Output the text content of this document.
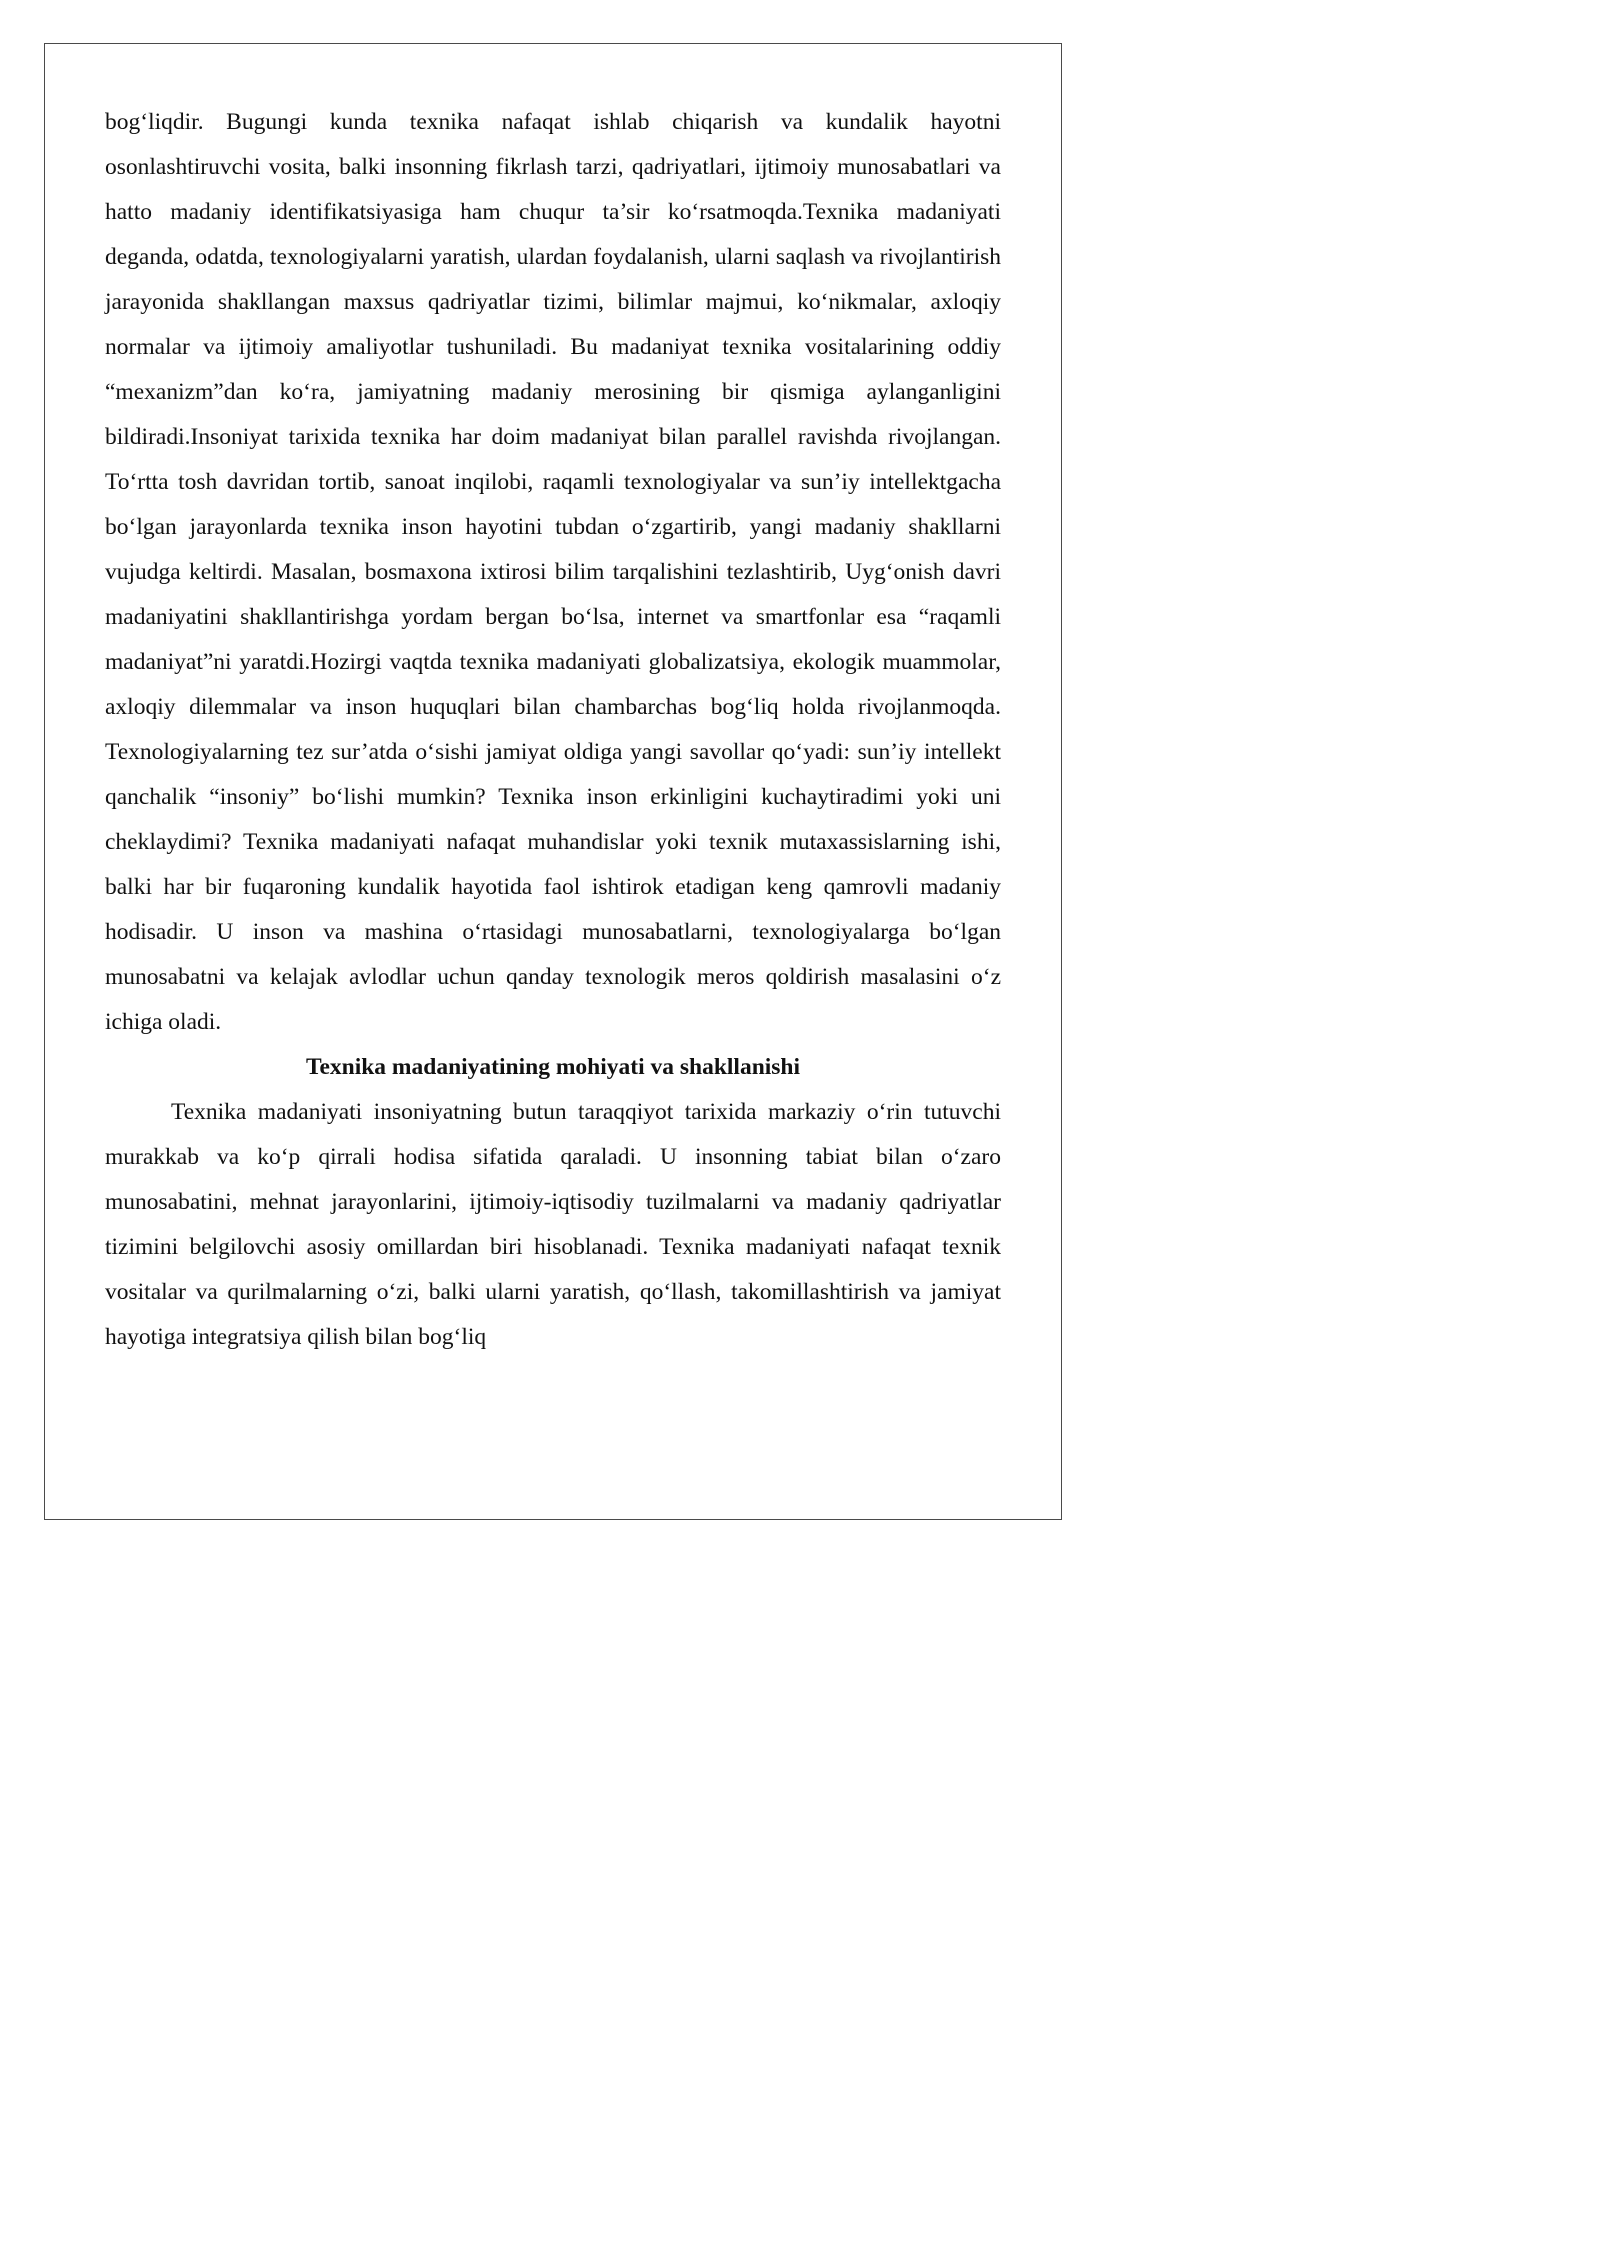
bog‘liqdir. Bugungi kunda texnika nafaqat ishlab chiqarish va kundalik hayotni osonlashtiruvchi vosita, balki insonning fikrlash tarzi, qadriyatlari, ijtimoiy munosabatlari va hatto madaniy identifikatsiyasiga ham chuqur ta’sir ko‘rsatmoqda.Texnika madaniyati deganda, odatda, texnologiyalarni yaratish, ulardan foydalanish, ularni saqlash va rivojlantirish jarayonida shakllangan maxsus qadriyatlar tizimi, bilimlar majmui, ko‘nikmalar, axloqiy normalar va ijtimoiy amaliyotlar tushuniladi. Bu madaniyat texnika vositalarining oddiy “mexanizm”dan ko‘ra, jamiyatning madaniy merosining bir qismiga aylanganligini bildiradi.Insoniyat tarixida texnika har doim madaniyat bilan parallel ravishda rivojlangan. To‘rtta tosh davridan tortib, sanoat inqilobi, raqamli texnologiyalar va sun’iy intellektgacha bo‘lgan jarayonlarda texnika inson hayotini tubdan o‘zgartirib, yangi madaniy shakllarni vujudga keltirdi. Masalan, bosmaxona ixtirosi bilim tarqalishini tezlashtirib, Uyg‘onish davri madaniyatini shakllantirishga yordam bergan bo‘lsa, internet va smartfonlar esa “raqamli madaniyat”ni yaratdi.Hozirgi vaqtda texnika madaniyati globalizatsiya, ekologik muammolar, axloqiy dilemmalar va inson huquqlari bilan chambarchas bog‘liq holda rivojlanmoqda. Texnologiyalarning tez sur’atda o‘sishi jamiyat oldiga yangi savollar qo‘yadi: sun’iy intellekt qanchalik “insoniy” bo‘lishi mumkin? Texnika inson erkinligini kuchaytiradimi yoki uni cheklaydimi? Texnika madaniyati nafaqat muhandislar yoki texnik mutaxassislarning ishi, balki har bir fuqaroning kundalik hayotida faol ishtirok etadigan keng qamrovli madaniy hodisadir. U inson va mashina o‘rtasidagi munosabatlarni, texnologiyalarga bo‘lgan munosabatni va kelajak avlodlar uchun qanday texnologik meros qoldirish masalasini o‘z ichiga oladi.

Texnika madaniyatining mohiyati va shakllanishi

Texnika madaniyati insoniyatning butun taraqqiyot tarixida markaziy o‘rin tutuvchi murakkab va ko‘p qirrali hodisa sifatida qaraladi. U insonning tabiat bilan o‘zaro munosabatini, mehnat jarayonlarini, ijtimoiy-iqtisodiy tuzilmalarni va madaniy qadriyatlar tizimini belgilovchi asosiy omillardan biri hisoblanadi. Texnika madaniyati nafaqat texnik vositalar va qurilmalarning o‘zi, balki ularni yaratish, qo‘llash, takomillashtirish va jamiyat hayotiga integratsiya qilish bilan bog‘liq
